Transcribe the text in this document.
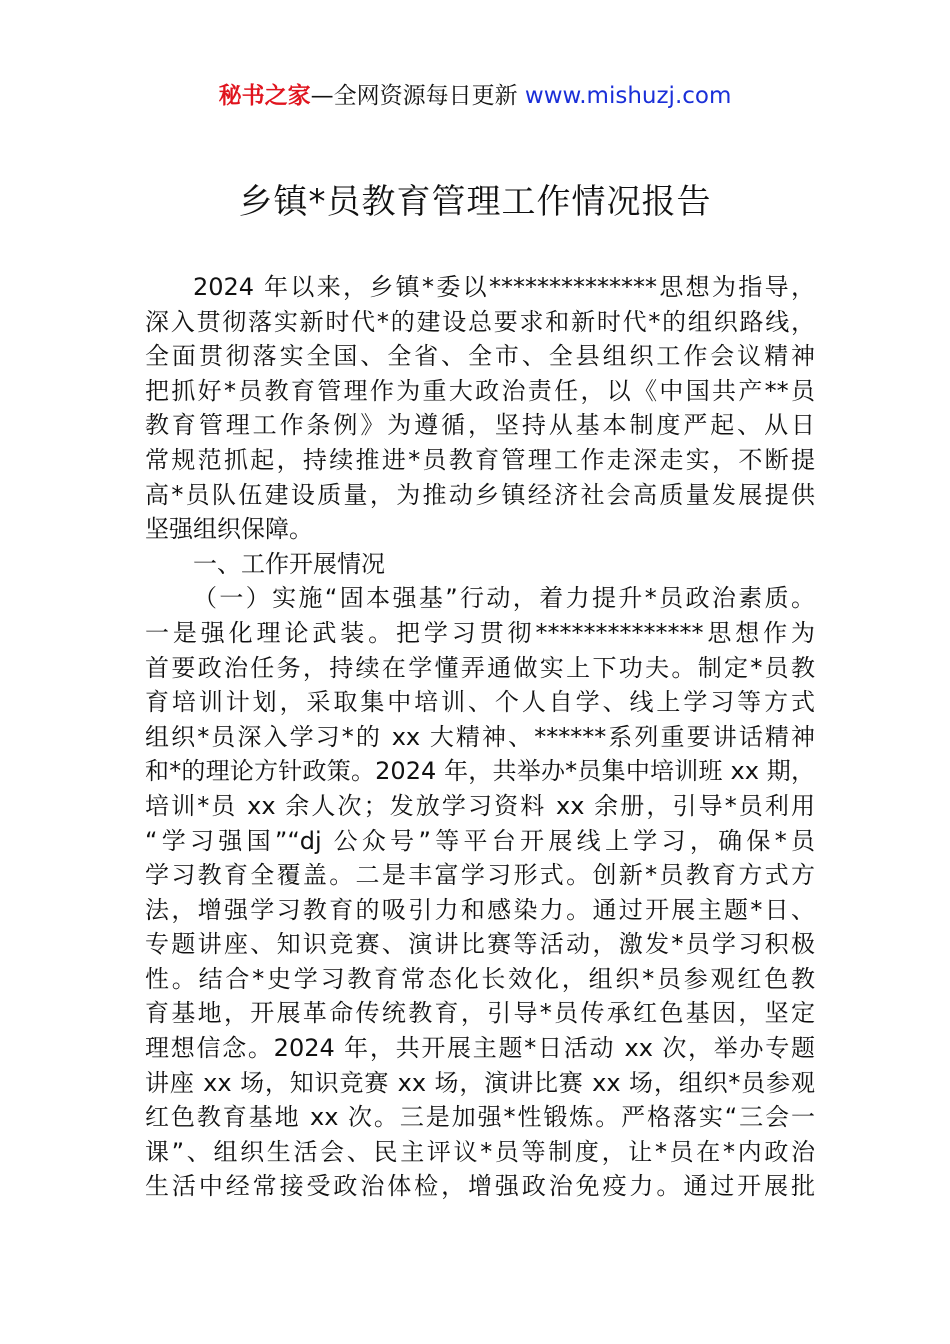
秘书之家—全网资源每日更新 www.mishuzj.com
乡镇*员教育管理工作情况报告
2024 年以来，乡镇*委以**************思想为指导，
深入贯彻落实新时代*的建设总要求和新时代*的组织路线，
全面贯彻落实全国、全省、全市、全县组织工作会议精神
把抓好*员教育管理作为重大政治责任，以《中国共产**员
教育管理工作条例》为遵循，坚持从基本制度严起、从日
常规范抓起，持续推进*员教育管理工作走深走实，不断提
高*员队伍建设质量，为推动乡镇经济社会高质量发展提供
坚强组织保障。
一、工作开展情况
（一）实施“固本强基”行动，着力提升*员政治素质。
一是强化理论武装。把学习贯彻**************思想作为
首要政治任务，持续在学懂弄通做实上下功夫。制定*员教
育培训计划，采取集中培训、个人自学、线上学习等方式
组织*员深入学习*的 xx 大精神、******系列重要讲话精神
和*的理论方针政策。2024 年，共举办*员集中培训班 xx 期，
培训*员 xx 余人次；发放学习资料 xx 余册，引导*员利用
“学习强国”“dj 公众号”等平台开展线上学习，确保*员
学习教育全覆盖。二是丰富学习形式。创新*员教育方式方
法，增强学习教育的吸引力和感染力。通过开展主题*日、
专题讲座、知识竞赛、演讲比赛等活动，激发*员学习积极
性。结合*史学习教育常态化长效化，组织*员参观红色教
育基地，开展革命传统教育，引导*员传承红色基因，坚定
理想信念。2024 年，共开展主题*日活动 xx 次，举办专题
讲座 xx 场，知识竞赛 xx 场，演讲比赛 xx 场，组织*员参观
红色教育基地 xx 次。三是加强*性锻炼。严格落实“三会一
课”、组织生活会、民主评议*员等制度，让*员在*内政治
生活中经常接受政治体检，增强政治免疫力。通过开展批
